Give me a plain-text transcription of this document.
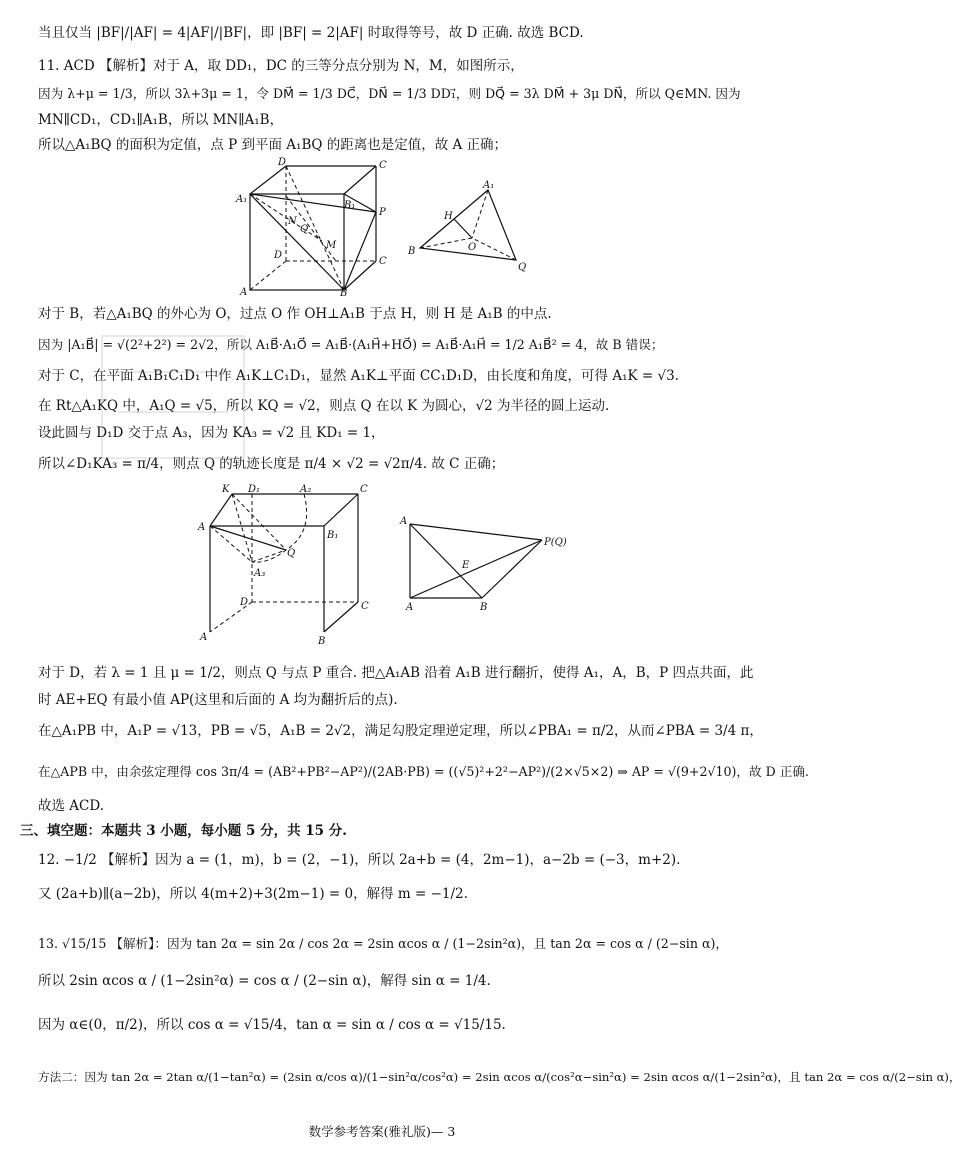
当且仅当 |BF|/|AF| = 4|AF|/|BF|，即 |BF| = 2|AF| 时取得等号，故 D 正确. 故选 BCD.
11. ACD 【解析】对于 A，取 DD₁，DC 的三等分点分别为 N，M，如图所示，
因为 λ+μ = 1/3，所以 3λ+3μ = 1，令 DM⃗ = 1/3 DC⃗，DN⃗ = 1/3 DD₁⃗，则 DQ⃗ = 3λ DM⃗ + 3μ DN⃗，所以 Q∈MN. 因为
MN∥CD₁，CD₁∥A₁B，所以 MN∥A₁B，
所以△A₁BQ 的面积为定值，点 P 到平面 A₁BQ 的距离也是定值，故 A 正确；
D	C
A₁
B₁
N
Q
P
M
D
C
A	B
A₁
H
O
B
Q
对于 B，若△A₁BQ 的外心为 O，过点 O 作 OH⊥A₁B 于点 H，则 H 是 A₁B 的中点.
因为 |A₁B⃗| = √(2²+2²) = 2√2，所以 A₁B⃗·A₁O⃗ = A₁B⃗·(A₁H⃗+HO⃗) = A₁B⃗·A₁H⃗ = 1/2 A₁B⃗² = 4，故 B 错误；
对于 C，在平面 A₁B₁C₁D₁ 中作 A₁K⊥C₁D₁，显然 A₁K⊥平面 CC₁D₁D，由长度和角度，可得 A₁K = √3.
在 Rt△A₁KQ 中，A₁Q = √5，所以 KQ = √2，则点 Q 在以 K 为圆心，√2 为半径的圆上运动.
设此圆与 D₁D 交于点 A₃，因为 KA₃ = √2 且 KD₁ = 1，
所以∠D₁KA₃ = π/4，则点 Q 的轨迹长度是 π/4 × √2 = √2π/4. 故 C 正确；
K D₁	A₂	C
A
B₁
Q
A₃
D	C
A	B
A
P(Q)
E
A	B
对于 D，若 λ = 1 且 μ = 1/2，则点 Q 与点 P 重合. 把△A₁AB 沿着 A₁B 进行翻折，使得 A₁，A，B，P 四点共面，此
时 AE+EQ 有最小值 AP(这里和后面的 A 均为翻折后的点).
在△A₁PB 中，A₁P = √13，PB = √5，A₁B = 2√2，满足勾股定理逆定理，所以∠PBA₁ = π/2，从而∠PBA = 3/4 π，
在△APB 中，由余弦定理得 cos 3π/4 = (AB²+PB²−AP²)/(2AB·PB) = ((√5)²+2²−AP²)/(2×√5×2) ⇒ AP = √(9+2√10)，故 D 正确.
故选 ACD.
三、填空题：本题共 3 小题，每小题 5 分，共 15 分.
12. −1/2 【解析】因为 a = (1，m)，b = (2，−1)，所以 2a+b = (4，2m−1)，a−2b = (−3，m+2).
又 (2a+b)∥(a−2b)，所以 4(m+2)+3(2m−1) = 0，解得 m = −1/2.
13. √15/15 【解析】：因为 tan 2α = sin 2α / cos 2α = 2sin αcos α / (1−2sin²α)，且 tan 2α = cos α / (2−sin α)，
所以 2sin αcos α / (1−2sin²α) = cos α / (2−sin α)，解得 sin α = 1/4.
因为 α∈(0，π/2)，所以 cos α = √15/4，tan α = sin α / cos α = √15/15.
方法二：因为 tan 2α = 2tan α/(1−tan²α) = (2sin α/cos α)/(1−sin²α/cos²α) = 2sin αcos α/(cos²α−sin²α) = 2sin αcos α/(1−2sin²α)，且 tan 2α = cos α/(2−sin α)，
数学参考答案(雅礼版)— 3
